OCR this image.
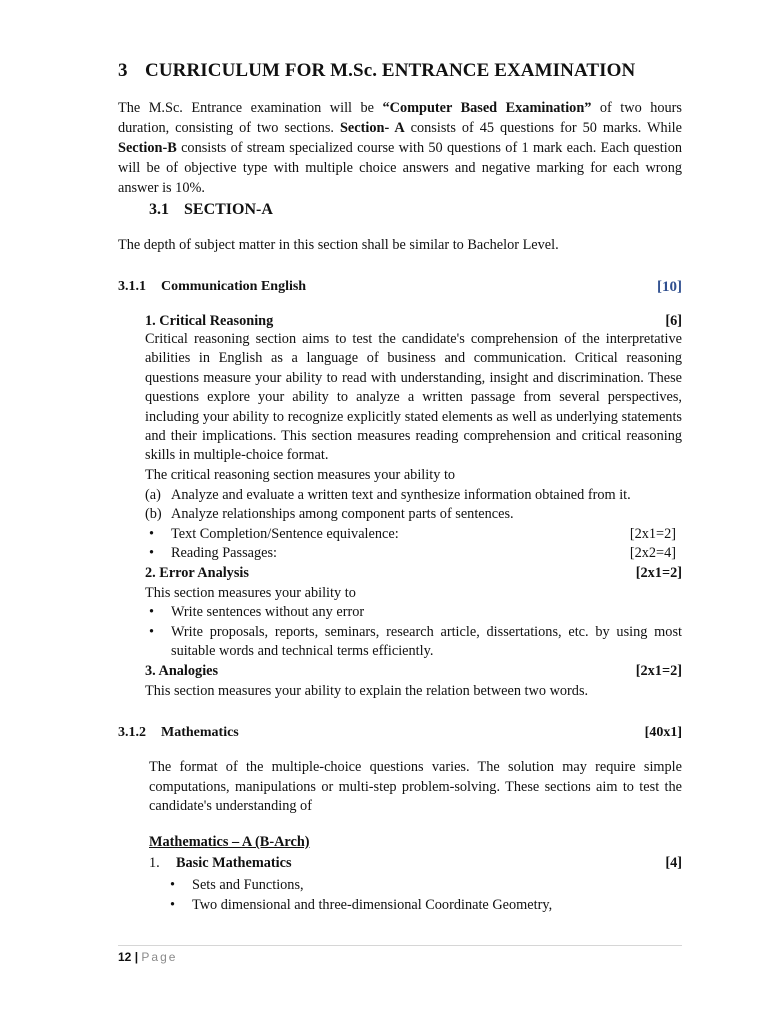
3 CURRICULUM FOR M.Sc. ENTRANCE EXAMINATION

The M.Sc. Entrance examination will be “Computer Based Examination” of two hours duration, consisting of two sections. Section- A consists of 45 questions for 50 marks. While Section-B consists of stream specialized course with 50 questions of 1 mark each. Each question will be of objective type with multiple choice answers and negative marking for each wrong answer is 10%.

3.1 SECTION-A

The depth of subject matter in this section shall be similar to Bachelor Level.

3.1.1 Communication English	[10]
1. Critical Reasoning	[6]

Critical reasoning section aims to test the candidate's comprehension of the interpretative abilities in English as a language of business and communication. Critical reasoning questions measure your ability to read with understanding, insight and discrimination. These questions explore your ability to analyze a written passage from several perspectives, including your ability to recognize explicitly stated elements as well as underlying statements and their implications. This section measures reading comprehension and critical reasoning skills in multiple-choice format.

The critical reasoning section measures your ability to
(a) Analyze and evaluate a written text and synthesize information obtained from it.
(b) Analyze relationships among component parts of sentences.
•	Text Completion/Sentence equivalence:	[2x1=2]
•	Reading Passages:	[2x2=4]
2. Error Analysis	[2x1=2]
This section measures your ability to
•	Write sentences without any error
•	Write proposals, reports, seminars, research article, dissertations, etc. by using most suitable words and technical terms efficiently.
3. Analogies	[2x1=2]
This section measures your ability to explain the relation between two words.
3.1.2 Mathematics	[40x1]

The format of the multiple-choice questions varies. The solution may require simple computations, manipulations or multi-step problem-solving. These sections aim to test the candidate's understanding of

Mathematics – A (B-Arch)
1. Basic Mathematics	[4]
•	Sets and Functions,
•	Two dimensional and three-dimensional Coordinate Geometry,
12 | Page
